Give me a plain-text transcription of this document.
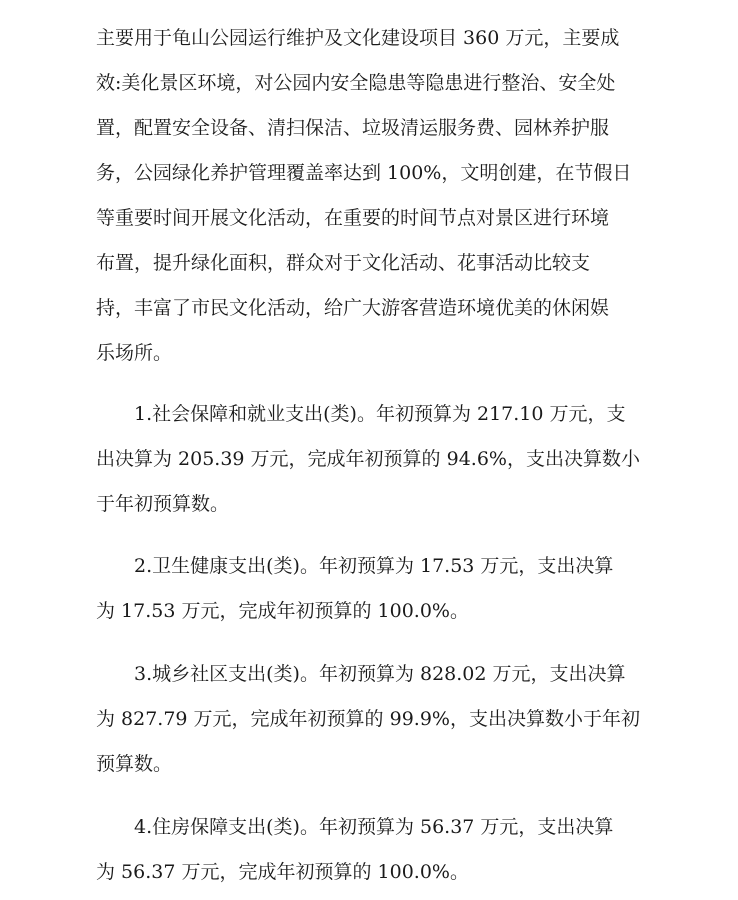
主要用于龟山公园运行维护及文化建设项目 360 万元，主要成
效:美化景区环境，对公园内安全隐患等隐患进行整治、安全处
置，配置安全设备、清扫保洁、垃圾清运服务费、园林养护服
务，公园绿化养护管理覆盖率达到 100%，文明创建，在节假日
等重要时间开展文化活动，在重要的时间节点对景区进行环境
布置，提升绿化面积，群众对于文化活动、花事活动比较支
持，丰富了市民文化活动，给广大游客营造环境优美的休闲娱
乐场所。
1.社会保障和就业支出(类)。年初预算为 217.10 万元，支
出决算为 205.39 万元，完成年初预算的 94.6%，支出决算数小
于年初预算数。
2.卫生健康支出(类)。年初预算为 17.53 万元，支出决算
为 17.53 万元，完成年初预算的 100.0%。
3.城乡社区支出(类)。年初预算为 828.02 万元，支出决算
为 827.79 万元，完成年初预算的 99.9%，支出决算数小于年初
预算数。
4.住房保障支出(类)。年初预算为 56.37 万元，支出决算
为 56.37 万元，完成年初预算的 100.0%。
